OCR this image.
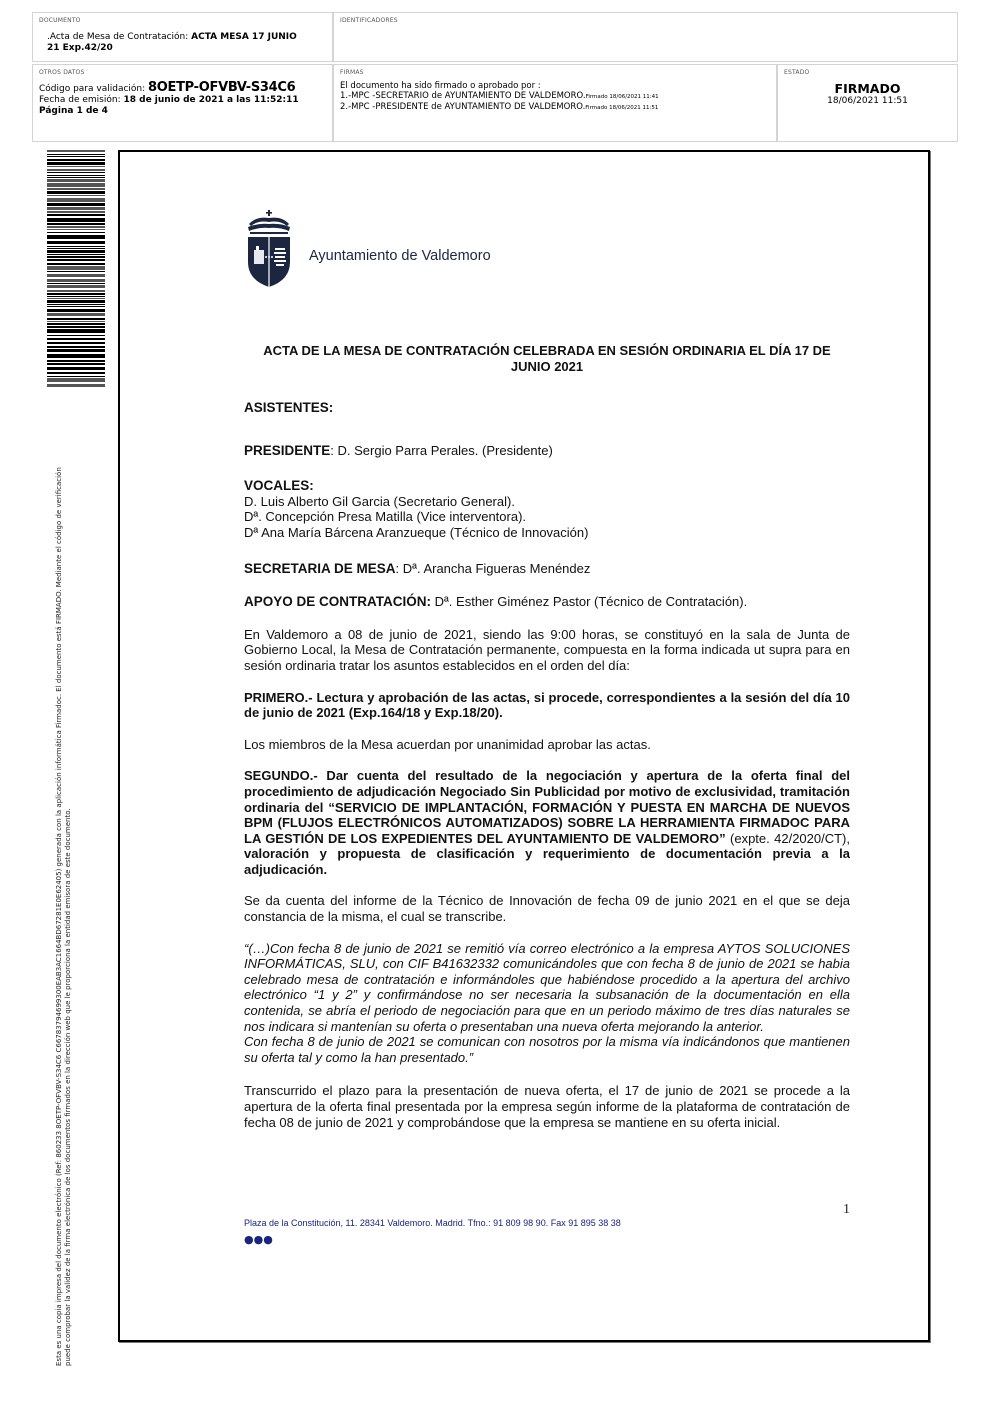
DOCUMENTO
.Acta de Mesa de Contratación: ACTA MESA 17 JUNIO 21 Exp.42/20
IDENTIFICADORES
OTROS DATOS
Código para validación: 8OETP-OFVBV-S34C6
Fecha de emisión: 18 de junio de 2021 a las 11:52:11
Página 1 de 4
FIRMAS
El documento ha sido firmado o aprobado por :
1.-MPC -SECRETARIO de AYUNTAMIENTO DE VALDEMORO.Firmado 18/06/2021 11:41
2.-MPC -PRESIDENTE de AYUNTAMIENTO DE VALDEMORO.Firmado 18/06/2021 11:51
ESTADO
FIRMADO
18/06/2021 11:51
Esta es una copia impresa del documento electrónico (Ref: 860233 8OETP-OFVBV-S34C6 C66783794699300EAB3AC1664BD67281E0E62405) generada con la aplicación informática Firmadoc. El documento está FIRMADO. Mediante el código de verificación puede comprobar la validez de la firma electrónica de los documentos firmados en la dirección web que le proporciona la entidad emisora de este documento.
Ayuntamiento de Valdemoro
ACTA DE LA MESA DE CONTRATACIÓN CELEBRADA EN SESIÓN ORDINARIA EL DÍA 17 DE JUNIO 2021
ASISTENTES:
PRESIDENTE: D. Sergio Parra Perales. (Presidente)
VOCALES:
D. Luis Alberto Gil Garcia (Secretario General).
Dª. Concepción Presa Matilla (Vice interventora).
Dª Ana María Bárcena Aranzueque (Técnico de Innovación)
SECRETARIA DE MESA: Dª. Arancha Figueras Menéndez
APOYO DE CONTRATACIÓN: Dª. Esther Giménez Pastor (Técnico de Contratación).
En Valdemoro a 08 de junio de 2021, siendo las 9:00 horas, se constituyó en la sala de Junta de Gobierno Local, la Mesa de Contratación permanente, compuesta en la forma indicada ut supra para en sesión ordinaria tratar los asuntos establecidos en el orden del día:
PRIMERO.- Lectura y aprobación de las actas, si procede, correspondientes a la sesión del día 10 de junio de 2021 (Exp.164/18 y Exp.18/20).
Los miembros de la Mesa acuerdan por unanimidad aprobar las actas.
SEGUNDO.- Dar cuenta del resultado de la negociación y apertura de la oferta final del procedimiento de adjudicación Negociado Sin Publicidad por motivo de exclusividad, tramitación ordinaria del “SERVICIO DE IMPLANTACIÓN, FORMACIÓN Y PUESTA EN MARCHA DE NUEVOS BPM (FLUJOS ELECTRÓNICOS AUTOMATIZADOS) SOBRE LA HERRAMIENTA FIRMADOC PARA LA GESTIÓN DE LOS EXPEDIENTES DEL AYUNTAMIENTO DE VALDEMORO” (expte. 42/2020/CT), valoración y propuesta de clasificación y requerimiento de documentación previa a la adjudicación.
Se da cuenta del informe de la Técnico de Innovación de fecha 09 de junio 2021 en el que se deja constancia de la misma, el cual se transcribe.
“(…)Con fecha 8 de junio de 2021 se remitió vía correo electrónico a la empresa AYTOS SOLUCIONES INFORMÁTICAS, SLU, con CIF B41632332 comunicándoles que con fecha 8 de junio de 2021 se habia celebrado mesa de contratación e informándoles que habiéndose procedido a la apertura del archivo electrónico “1 y 2” y confirmándose no ser necesaria la subsanación de la documentación en ella contenida, se abría el periodo de negociación para que en un periodo máximo de tres días naturales se nos indicara si mantenían su oferta o presentaban una nueva oferta mejorando la anterior.
Con fecha 8 de junio de 2021 se comunican con nosotros por la misma vía indicándonos que mantienen su oferta tal y como la han presentado.”
Transcurrido el plazo para la presentación de nueva oferta, el 17 de junio de 2021 se procede a la apertura de la oferta final presentada por la empresa según informe de la plataforma de contratación de fecha 08 de junio de 2021 y comprobándose que la empresa se mantiene en su oferta inicial.
1
Plaza de la Constitución, 11. 28341 Valdemoro. Madrid. Tfno.: 91 809 98 90. Fax 91 895 38 38
●●●
